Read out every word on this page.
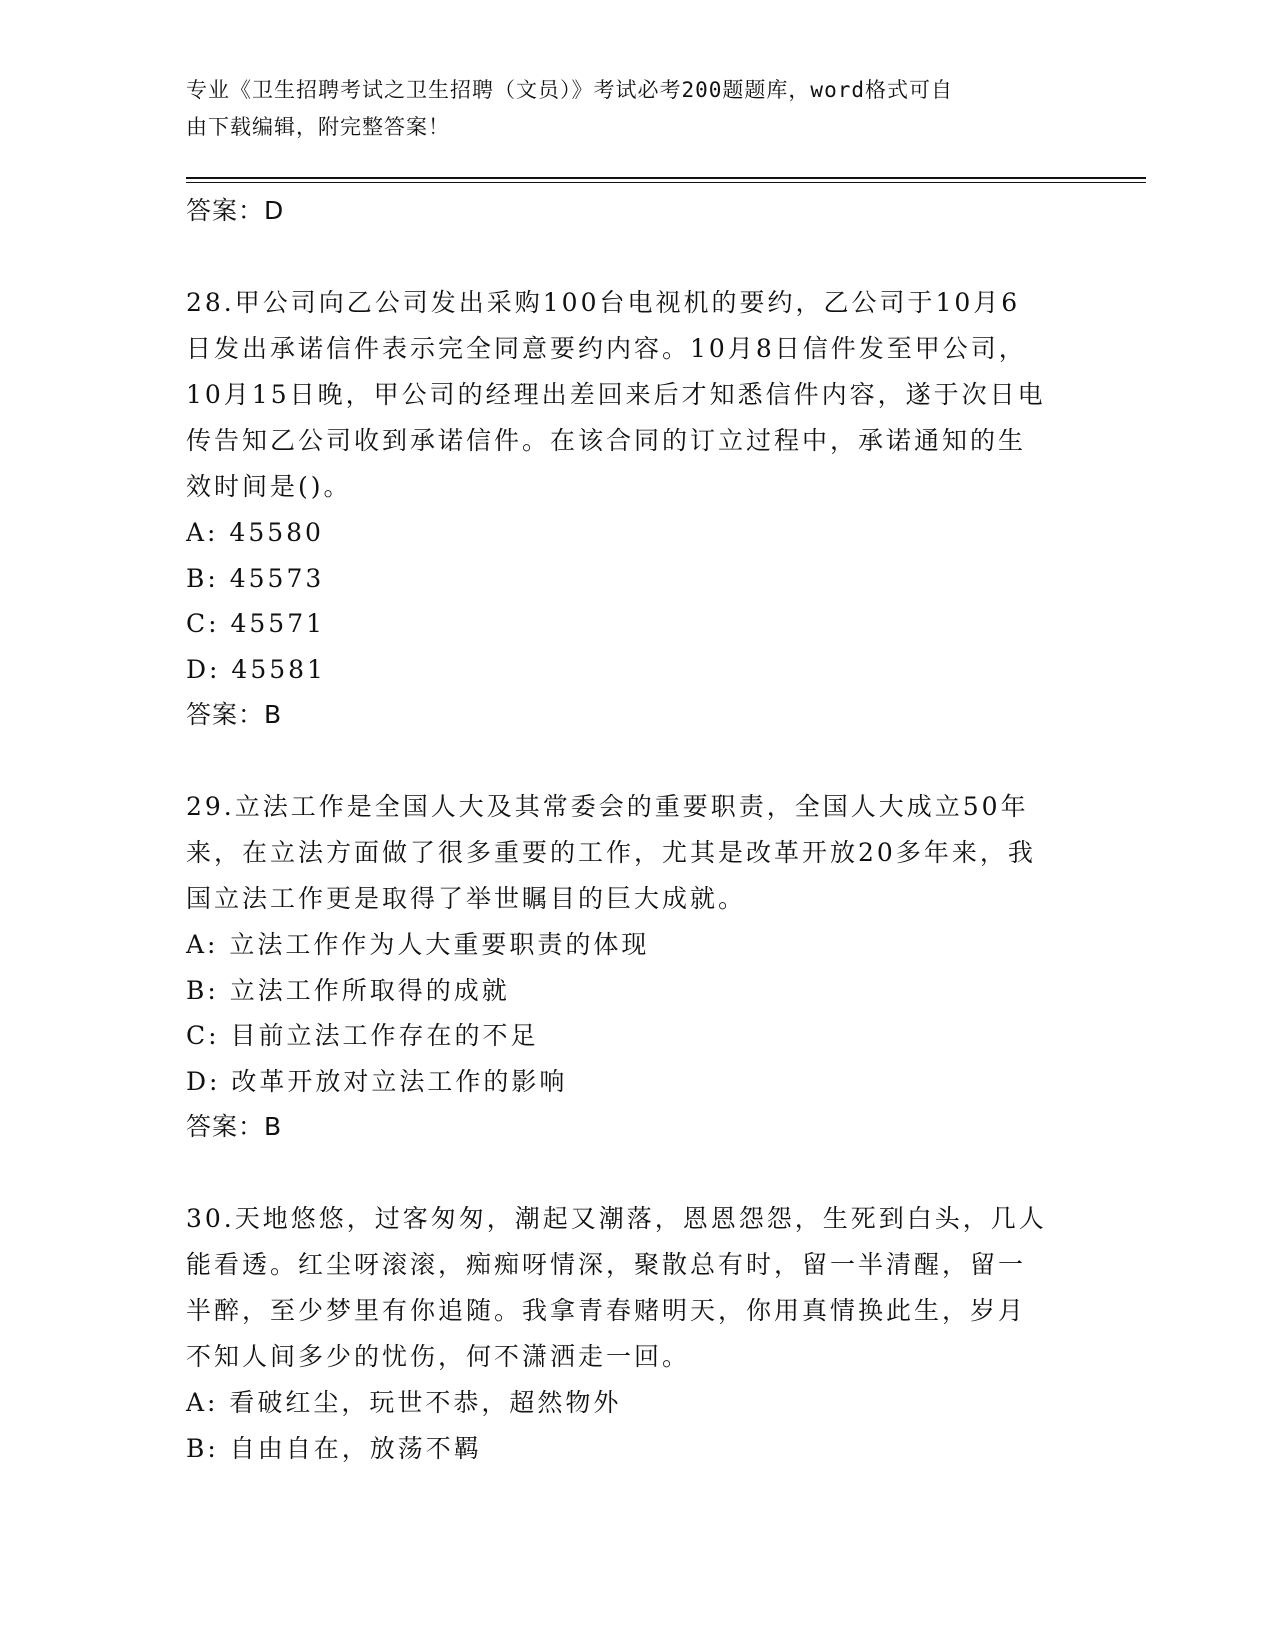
专业《卫生招聘考试之卫生招聘（文员）》考试必考200题题库，word格式可自
由下载编辑，附完整答案！
答案：D
28.甲公司向乙公司发出采购100台电视机的要约，乙公司于10月6
日发出承诺信件表示完全同意要约内容。10月8日信件发至甲公司，
10月15日晚，甲公司的经理出差回来后才知悉信件内容，遂于次日电
传告知乙公司收到承诺信件。在该合同的订立过程中，承诺通知的生
效时间是()。
A: 45580
B: 45573
C: 45571
D: 45581
答案：B
29.立法工作是全国人大及其常委会的重要职责，全国人大成立50年
来，在立法方面做了很多重要的工作，尤其是改革开放20多年来，我
国立法工作更是取得了举世瞩目的巨大成就。
A: 立法工作作为人大重要职责的体现
B: 立法工作所取得的成就
C: 目前立法工作存在的不足
D: 改革开放对立法工作的影响
答案：B
30.天地悠悠，过客匆匆，潮起又潮落，恩恩怨怨，生死到白头，几人
能看透。红尘呀滚滚，痴痴呀情深，聚散总有时，留一半清醒，留一
半醉，至少梦里有你追随。我拿青春赌明天，你用真情换此生，岁月
不知人间多少的忧伤，何不潇洒走一回。
A: 看破红尘，玩世不恭，超然物外
B: 自由自在，放荡不羁
